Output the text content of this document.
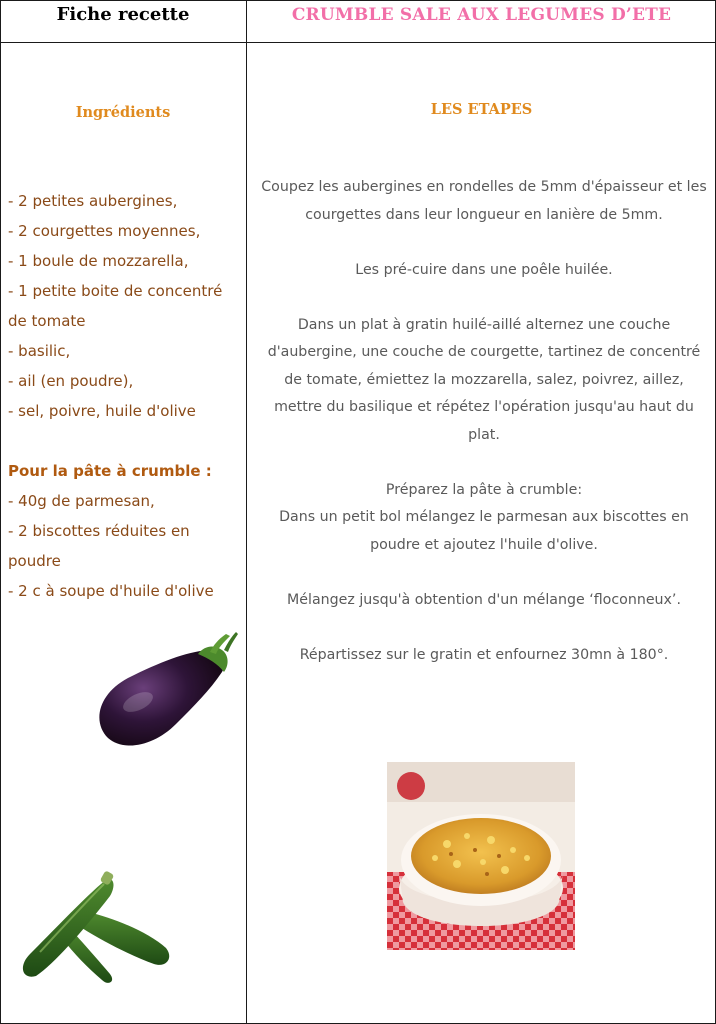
Fiche recette	CRUMBLE SALE AUX LEGUMES D’ETE
Ingrédients	LES ETAPES
- 2 petites aubergines,
- 2 courgettes moyennes,
- 1 boule de mozzarella,
- 1 petite boite de concentré de tomate
- basilic,
- ail (en poudre),
- sel, poivre, huile d'olive
Pour la pâte à crumble :
- 40g de parmesan,
- 2 biscottes réduites en poudre
- 2 c à soupe d'huile d'olive
Coupez les aubergines en rondelles de 5mm d'épaisseur et les courgettes dans leur longueur en lanière de 5mm.
Les pré-cuire dans une poêle huilée.
Dans un plat à gratin huilé-aillé alternez une couche d'aubergine, une couche de courgette, tartinez de concentré de tomate, émiettez la mozzarella, salez, poivrez, aillez, mettre du basilique et répétez l'opération jusqu'au haut du plat.
Préparez la pâte à crumble:
Dans un petit bol mélangez le parmesan aux biscottes en poudre et ajoutez l'huile d'olive.
Mélangez jusqu'à obtention d'un mélange ‘floconneux’.
Répartissez sur le gratin et enfournez 30mn à 180°.
